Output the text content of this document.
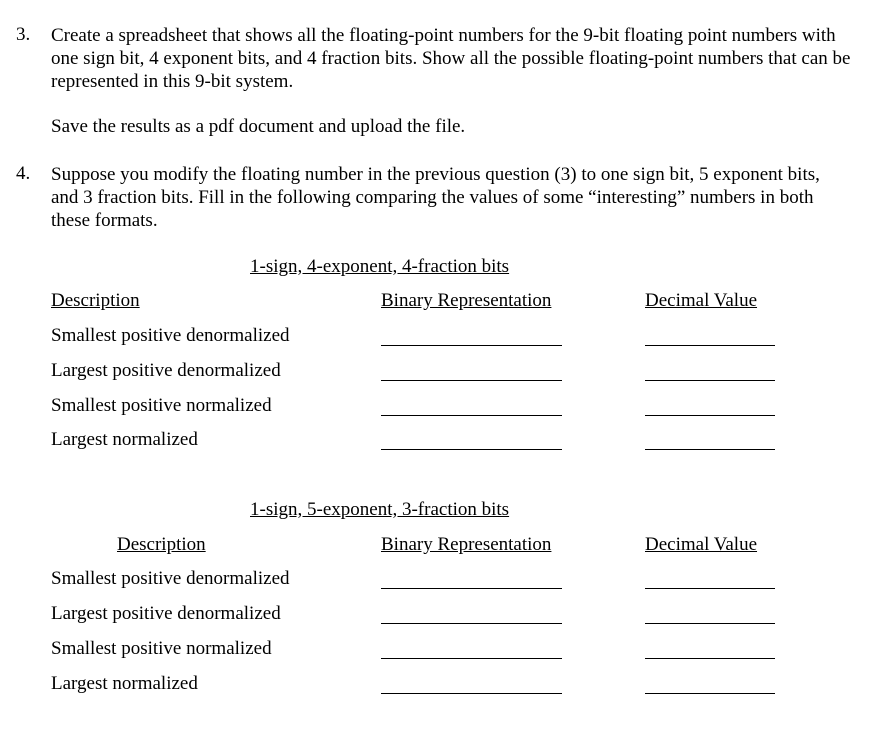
3. Create a spreadsheet that shows all the floating-point numbers for the 9-bit floating point numbers with one sign bit, 4 exponent bits, and 4 fraction bits. Show all the possible floating-point numbers that can be represented in this 9-bit system.

Save the results as a pdf document and upload the file.
4. Suppose you modify the floating number in the previous question (3) to one sign bit, 5 exponent bits, and 3 fraction bits. Fill in the following comparing the values of some “interesting” numbers in both these formats.

1-sign, 4-exponent, 4-fraction bits
Description	Binary Representation	Decimal Value
Smallest positive denormalized
Largest positive denormalized
Smallest positive normalized
Largest normalized
1-sign, 5-exponent, 3-fraction bits
Description	Binary Representation	Decimal Value
Smallest positive denormalized
Largest positive denormalized
Smallest positive normalized
Largest normalized
